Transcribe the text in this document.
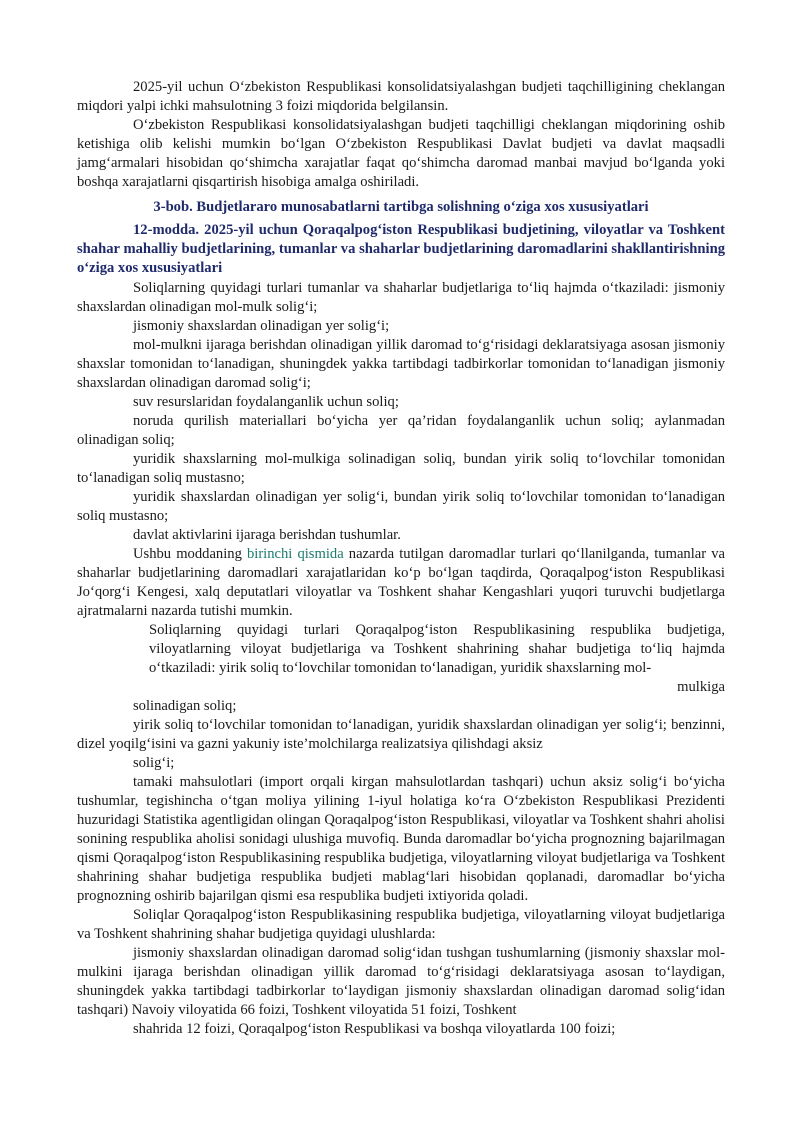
2025-yil uchun O‘zbekiston Respublikasi konsolidatsiyalashgan budjeti taqchilligining cheklangan miqdori yalpi ichki mahsulotning 3 foizi miqdorida belgilansin.

O‘zbekiston Respublikasi konsolidatsiyalashgan budjeti taqchilligi cheklangan miqdorining oshib ketishiga olib kelishi mumkin bo‘lgan O‘zbekiston Respublikasi Davlat budjeti va davlat maqsadli jamg‘armalari hisobidan qo‘shimcha xarajatlar faqat qo‘shimcha daromad manbai mavjud bo‘lganda yoki boshqa xarajatlarni qisqartirish hisobiga amalga oshiriladi.

3-bob. Budjetlararo munosabatlarni tartibga solishning o‘ziga xos xususiyatlari

12-modda. 2025-yil uchun Qoraqalpog‘iston Respublikasi budjetining, viloyatlar va Toshkent shahar mahalliy budjetlarining, tumanlar va shaharlar budjetlarining daromadlarini shakllantirishning o‘ziga xos xususiyatlari

Soliqlarning quyidagi turlari tumanlar va shaharlar budjetlariga to‘liq hajmda o‘tkaziladi: jismoniy shaxslardan olinadigan mol-mulk solig‘i;

jismoniy shaxslardan olinadigan yer solig‘i;

mol-mulkni ijaraga berishdan olinadigan yillik daromad to‘g‘risidagi deklaratsiyaga asosan jismoniy shaxslar tomonidan to‘lanadigan, shuningdek yakka tartibdagi tadbirkorlar tomonidan to‘lanadigan jismoniy shaxslardan olinadigan daromad solig‘i;

suv resurslaridan foydalanganlik uchun soliq;

noruda qurilish materiallari bo‘yicha yer qa’ridan foydalanganlik uchun soliq; aylanmadan olinadigan soliq;

yuridik shaxslarning mol-mulkiga solinadigan soliq, bundan yirik soliq to‘lovchilar tomonidan to‘lanadigan soliq mustasno;

yuridik shaxslardan olinadigan yer solig‘i, bundan yirik soliq to‘lovchilar tomonidan to‘lanadigan soliq mustasno;

davlat aktivlarini ijaraga berishdan tushumlar.

Ushbu moddaning birinchi qismida nazarda tutilgan daromadlar turlari qo‘llanilganda, tumanlar va shaharlar budjetlarining daromadlari xarajatlaridan ko‘p bo‘lgan taqdirda, Qoraqalpog‘iston Respublikasi Jo‘qorg‘i Kengesi, xalq deputatlari viloyatlar va Toshkent shahar Kengashlari yuqori turuvchi budjetlarga ajratmalarni nazarda tutishi mumkin.

Soliqlarning quyidagi turlari Qoraqalpog‘iston Respublikasining respublika budjetiga, viloyatlarning viloyat budjetlariga va Toshkent shahrining shahar budjetiga to‘liq hajmda o‘tkaziladi: yirik soliq to‘lovchilar tomonidan to‘lanadigan, yuridik shaxslarning mol-

mulkiga

solinadigan soliq;

yirik soliq to‘lovchilar tomonidan to‘lanadigan, yuridik shaxslardan olinadigan yer solig‘i; benzinni, dizel yoqilg‘isini va gazni yakuniy iste’molchilarga realizatsiya qilishdagi aksiz

solig‘i;

tamaki mahsulotlari (import orqali kirgan mahsulotlardan tashqari) uchun aksiz solig‘i bo‘yicha tushumlar, tegishincha o‘tgan moliya yilining 1-iyul holatiga ko‘ra O‘zbekiston Respublikasi Prezidenti huzuridagi Statistika agentligidan olingan Qoraqalpog‘iston Respublikasi, viloyatlar va Toshkent shahri aholisi sonining respublika aholisi sonidagi ulushiga muvofiq. Bunda daromadlar bo‘yicha prognozning bajarilmagan qismi Qoraqalpog‘iston Respublikasining respublika budjetiga, viloyatlarning viloyat budjetlariga va Toshkent shahrining shahar budjetiga respublika budjeti mablag‘lari hisobidan qoplanadi, daromadlar bo‘yicha prognozning oshirib bajarilgan qismi esa respublika budjeti ixtiyorida qoladi.

Soliqlar Qoraqalpog‘iston Respublikasining respublika budjetiga, viloyatlarning viloyat budjetlariga va Toshkent shahrining shahar budjetiga quyidagi ulushlarda:

jismoniy shaxslardan olinadigan daromad solig‘idan tushgan tushumlarning (jismoniy shaxslar mol-mulkini ijaraga berishdan olinadigan yillik daromad to‘g‘risidagi deklaratsiyaga asosan to‘laydigan, shuningdek yakka tartibdagi tadbirkorlar to‘laydigan jismoniy shaxslardan olinadigan daromad solig‘idan tashqari) Navoiy viloyatida 66 foizi, Toshkent viloyatida 51 foizi, Toshkent

shahrida 12 foizi, Qoraqalpog‘iston Respublikasi va boshqa viloyatlarda 100 foizi;
